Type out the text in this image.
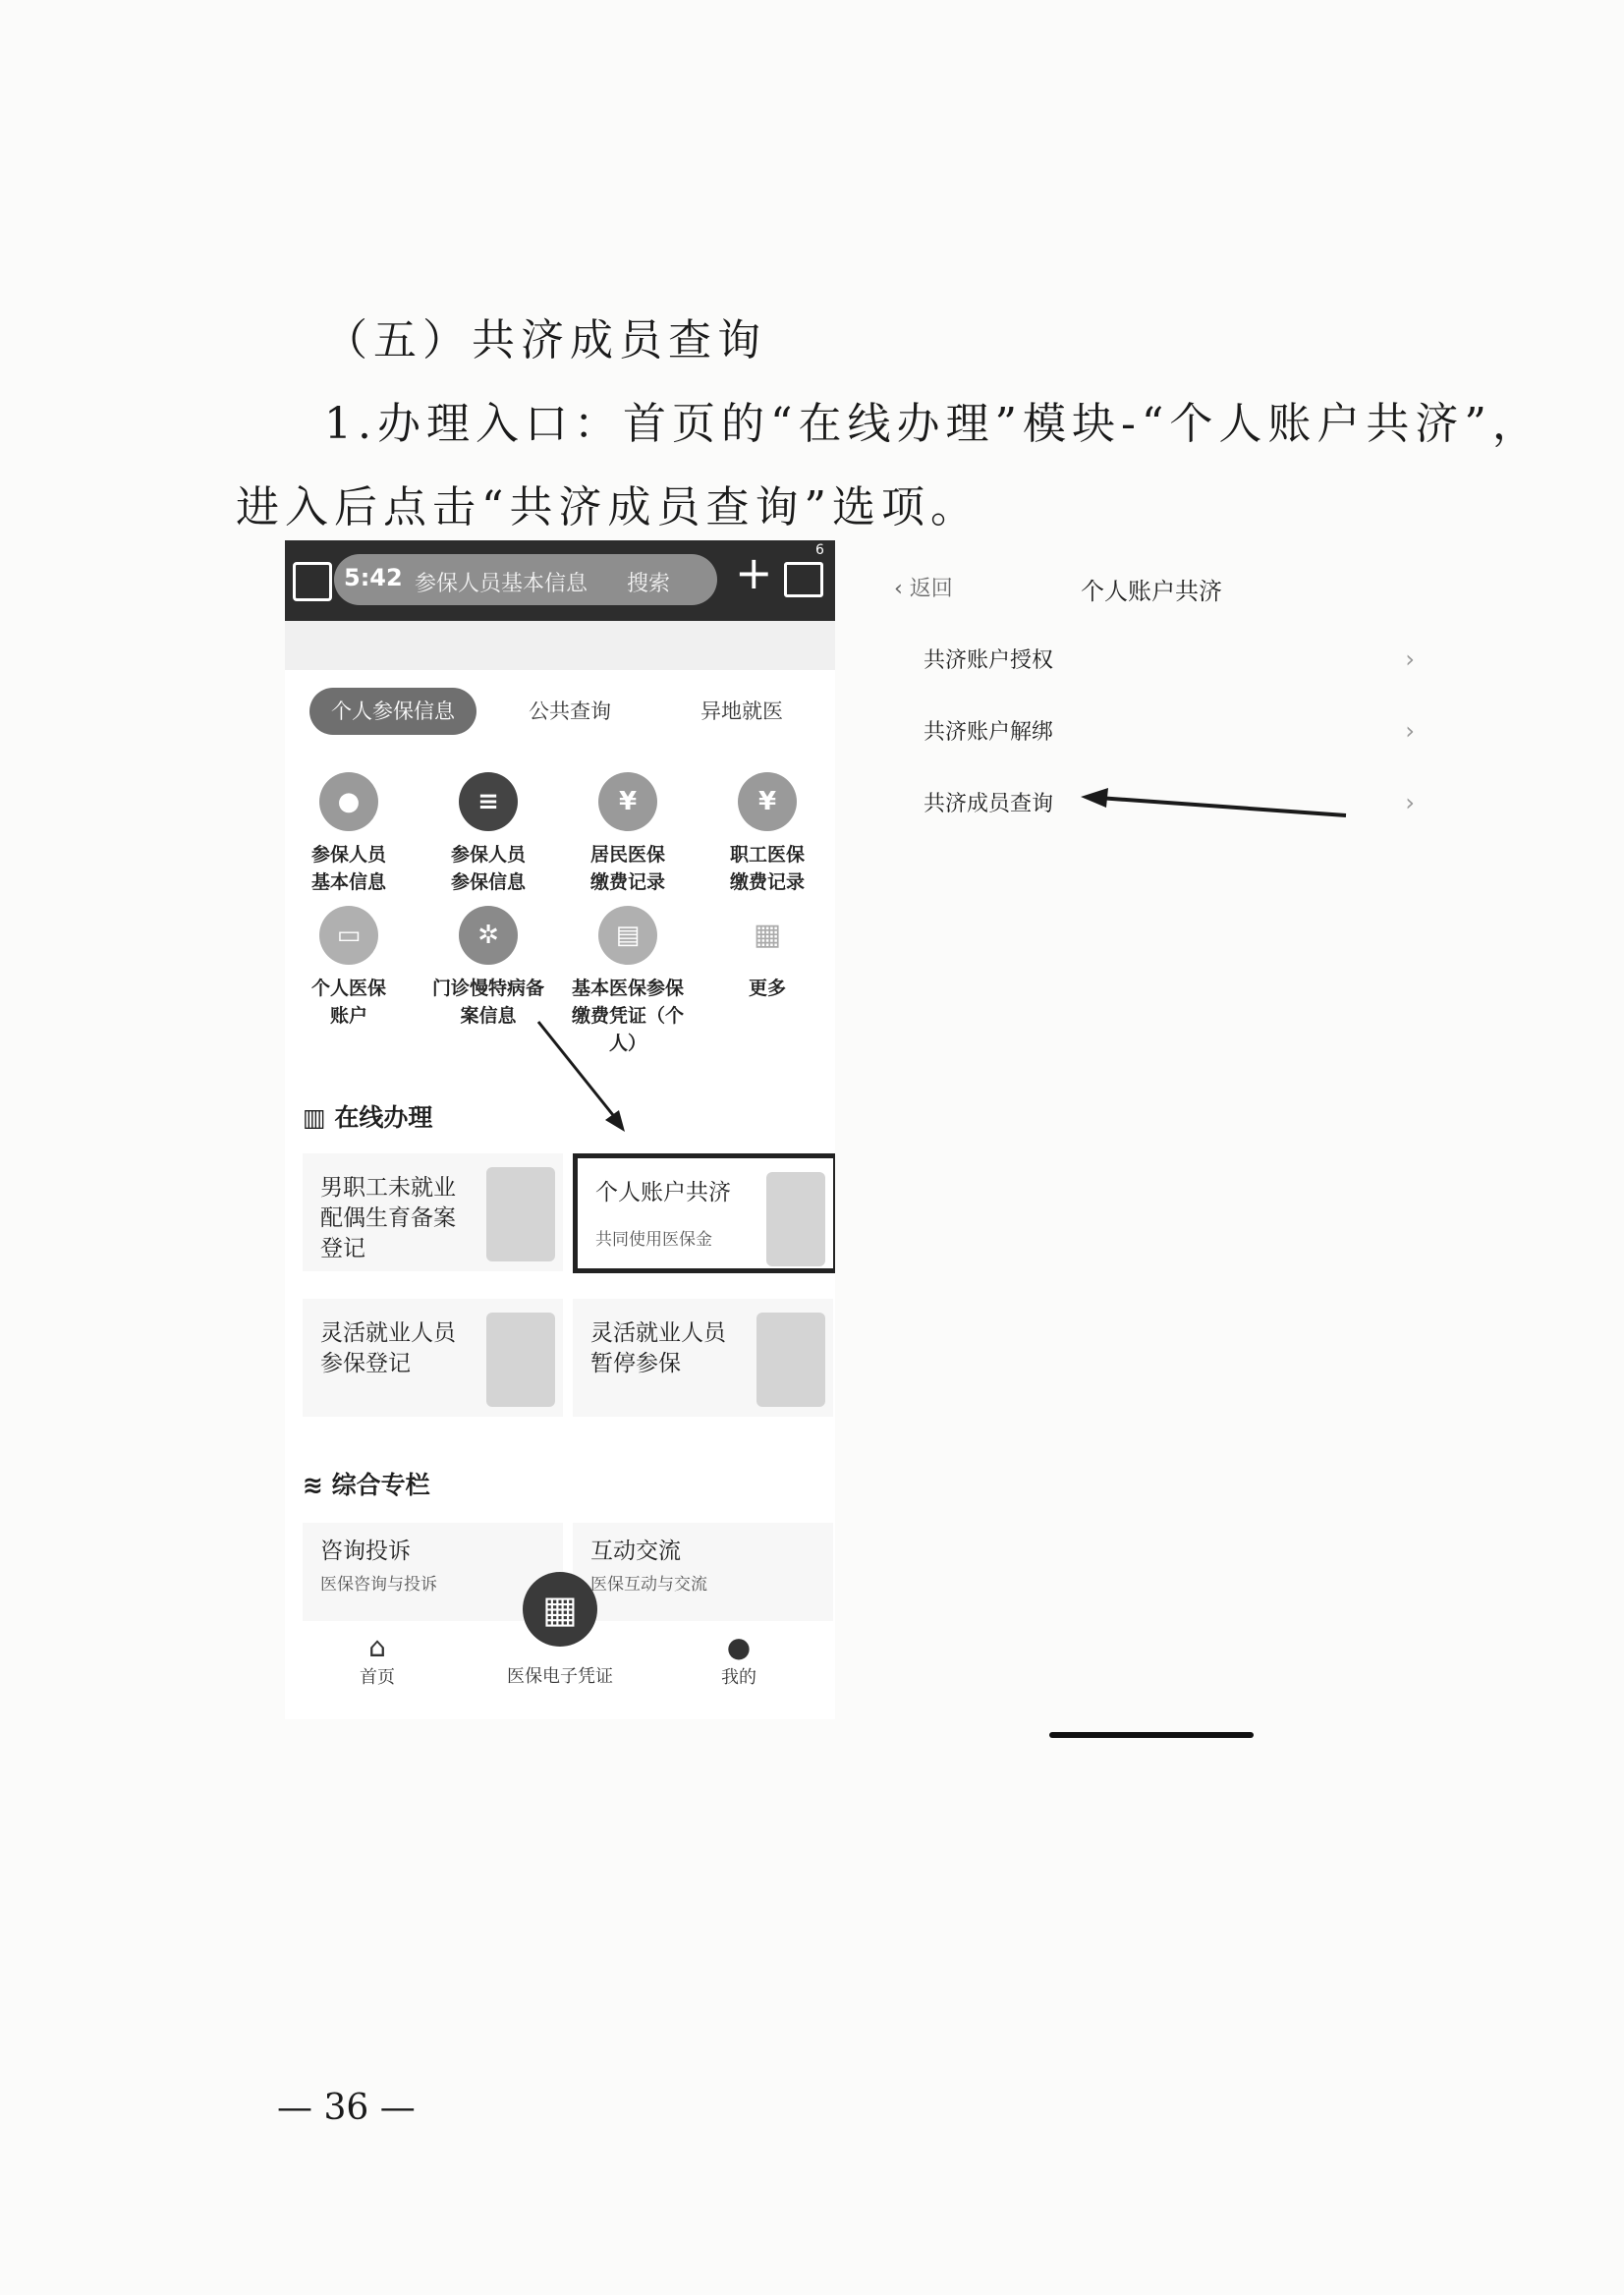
（五）共济成员查询
1.办理入口：首页的“在线办理”模块-“个人账户共济”，
进入后点击“共济成员查询”选项。
5:42 参保人员基本信息 搜索 +	6
个人参保信息	公共查询	异地就医
●
参保人员
基本信息
≡
参保人员
参保信息
¥
居民医保
缴费记录
¥
职工医保
缴费记录
▭
个人医保
账户
✲
门诊慢特病备
案信息
▤
基本医保参保
缴费凭证（个
人）
▦
更多
▥ 在线办理
男职工未就业配偶生育备案登记
个人账户共济
共同使用医保金
灵活就业人员参保登记
灵活就业人员暂停参保
≋ 综合专栏
咨询投诉
医保咨询与投诉
互动交流
医保互动与交流
⌂
首页
▦
医保电子凭证
●
我的
‹ 返回	个人账户共济
共济账户授权	›
共济账户解绑	›
共济成员查询	›
— 36 —
